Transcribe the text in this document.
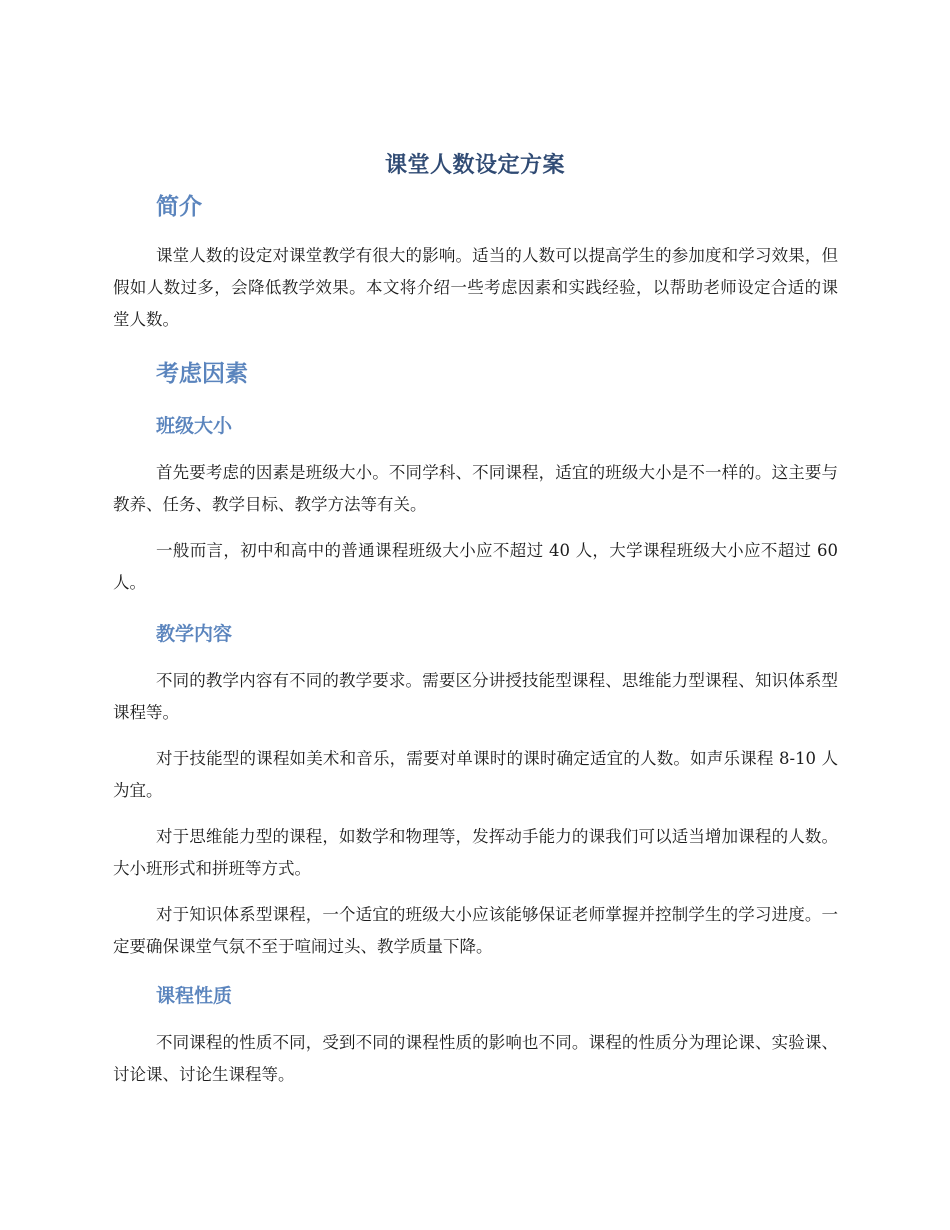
课堂人数设定方案
简介

课堂人数的设定对课堂教学有很大的影响。适当的人数可以提高学生的参加度和学习效果，但假如人数过多，会降低教学效果。本文将介绍一些考虑因素和实践经验，以帮助老师设定合适的课堂人数。

考虑因素
班级大小

首先要考虑的因素是班级大小。不同学科、不同课程，适宜的班级大小是不一样的。这主要与教养、任务、教学目标、教学方法等有关。

一般而言，初中和高中的普通课程班级大小应不超过 40 人，大学课程班级大小应不超过 60 人。

教学内容

不同的教学内容有不同的教学要求。需要区分讲授技能型课程、思维能力型课程、知识体系型课程等。

对于技能型的课程如美术和音乐，需要对单课时的课时确定适宜的人数。如声乐课程 8-10 人为宜。

对于思维能力型的课程，如数学和物理等，发挥动手能力的课我们可以适当增加课程的人数。大小班形式和拼班等方式。

对于知识体系型课程，一个适宜的班级大小应该能够保证老师掌握并控制学生的学习进度。一定要确保课堂气氛不至于喧闹过头、教学质量下降。

课程性质

不同课程的性质不同，受到不同的课程性质的影响也不同。课程的性质分为理论课、实验课、讨论课、讨论生课程等。
